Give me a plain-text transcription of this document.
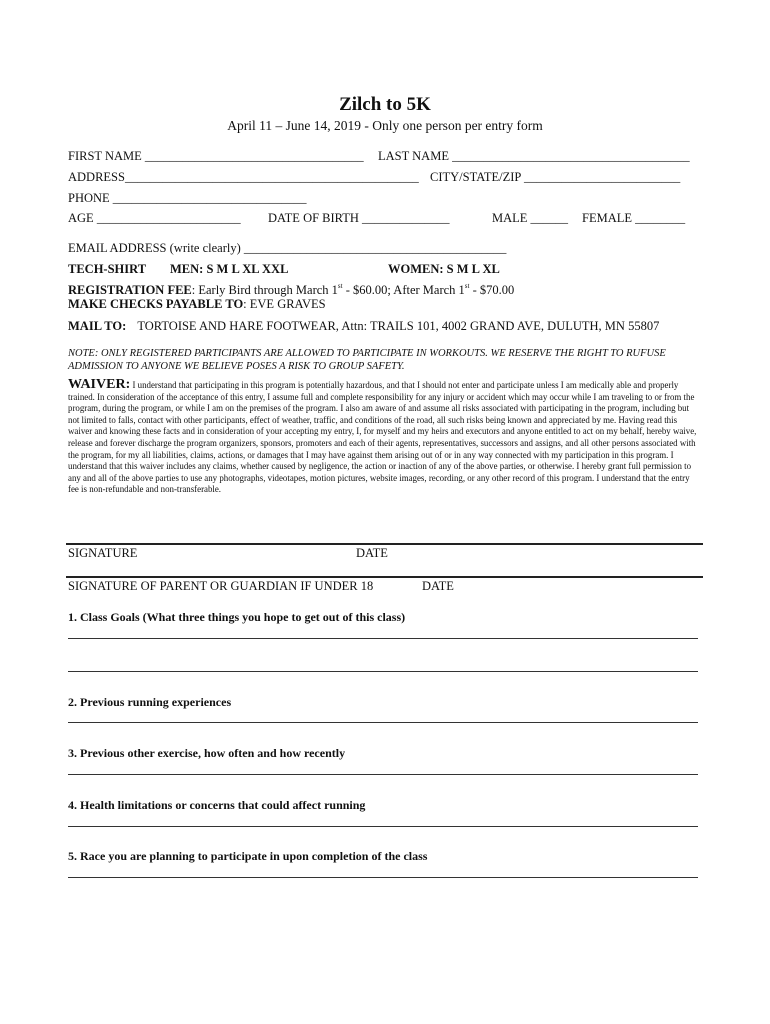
Zilch to 5K
April 11 – June 14, 2019 - Only one person per entry form
FIRST NAME ___________________________________ LAST NAME ______________________________________
ADDRESS_______________________________________________ CITY/STATE/ZIP _________________________
PHONE _______________________________
AGE _______________________ DATE OF BIRTH ______________	MALE ______ FEMALE ________
EMAIL ADDRESS (write clearly) __________________________________________
TECH-SHIRT MEN: S M L XL XXL	WOMEN: S M L XL
REGISTRATION FEE: Early Bird through March 1st - $60.00; After March 1st - $70.00
MAKE CHECKS PAYABLE TO: EVE GRAVES
MAIL TO: TORTOISE AND HARE FOOTWEAR, Attn: TRAILS 101, 4002 GRAND AVE, DULUTH, MN 55807
NOTE: ONLY REGISTERED PARTICIPANTS ARE ALLOWED TO PARTICIPATE IN WORKOUTS. WE RESERVE THE RIGHT TO RUFUSE ADMISSION TO ANYONE WE BELIEVE POSES A RISK TO GROUP SAFETY.
WAIVER: I understand that participating in this program is potentially hazardous, and that I should not enter and participate unless I am medically able and properly trained. In consideration of the acceptance of this entry, I assume full and complete responsibility for any injury or accident which may occur while I am traveling to or from the program, during the program, or while I am on the premises of the program. I also am aware of and assume all risks associated with participating in the program, including but not limited to falls, contact with other participants, effect of weather, traffic, and conditions of the road, all such risks being known and appreciated by me. Having read this waiver and knowing these facts and in consideration of your accepting my entry, I, for myself and my heirs and executors and anyone entitled to act on my behalf, hereby waive, release and forever discharge the program organizers, sponsors, promoters and each of their agents, representatives, successors and assigns, and all other persons associated with the program, for my all liabilities, claims, actions, or damages that I may have against them arising out of or in any way connected with my participation in this program. I understand that this waiver includes any claims, whether caused by negligence, the action or inaction of any of the above parties, or otherwise. I hereby grant full permission to any and all of the above parties to use any photographs, videotapes, motion pictures, website images, recording, or any other record of this program. I understand that the entry fee is non-refundable and non-transferable.
SIGNATURE	DATE
SIGNATURE OF PARENT OR GUARDIAN IF UNDER 18	DATE
1. Class Goals (What three things you hope to get out of this class)
2. Previous running experiences
3. Previous other exercise, how often and how recently
4. Health limitations or concerns that could affect running
5. Race you are planning to participate in upon completion of the class
